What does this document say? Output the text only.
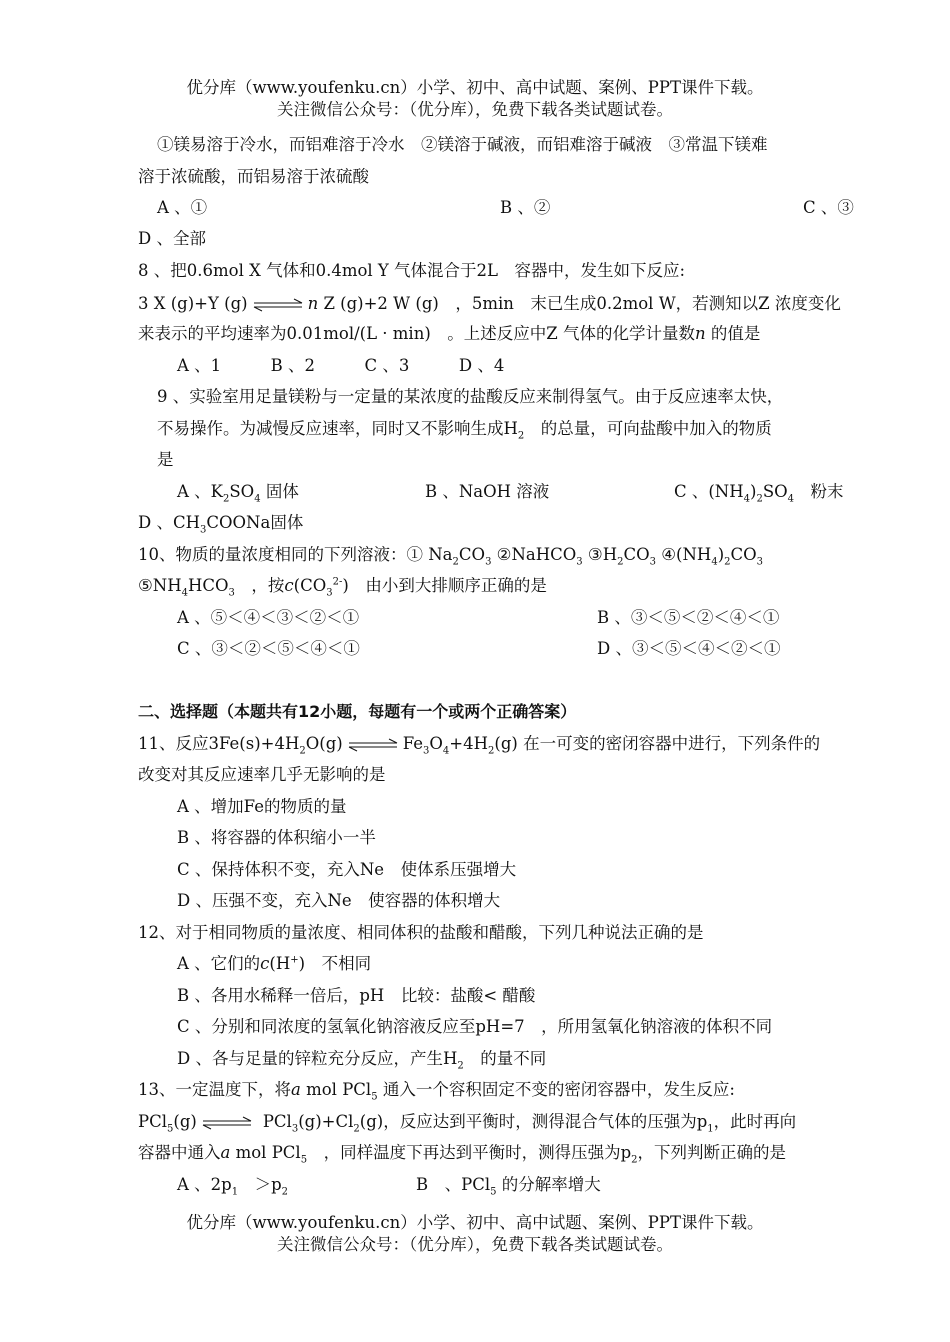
优分库（www.youfenku.cn）小学、初中、高中试题、案例、PPT课件下载。
关注微信公众号：（优分库），免费下载各类试题试卷。
①镁易溶于冷水，而铝难溶于冷水　②镁溶于碱液，而铝难溶于碱液　③常温下镁难
溶于浓硫酸，而铝易溶于浓硫酸
A 、①	B 、②	C 、③
D 、全部
8 、把0.6mol X 气体和0.4mol Y 气体混合于2L　容器中，发生如下反应:
3 X (g)+Y (g) ⇌ n Z (g)+2 W (g)　，5min　末已生成0.2mol W，若测知以Z 浓度变化
来表示的平均速率为0.01mol/(L · min)　。上述反应中Z 气体的化学计量数n 的值是
A 、1　　　B 、2　　　C 、3　　　D 、4
9 、实验室用足量镁粉与一定量的某浓度的盐酸反应来制得氢气。由于反应速率太快，
不易操作。为减慢反应速率，同时又不影响生成$H_2$　的总量，可向盐酸中加入的物质
是
A 、$K_2SO_4$ 固体	B 、NaOH 溶液	C 、$(NH_4)_2SO_4$　粉末
D 、$CH_3COONa$固体
10、物质的量浓度相同的下列溶液：① $Na_2CO_3$ ②NaHCO$_3$ $③H_2CO_3$ $④(NH_4)_2CO_3$
$⑤NH_4HCO_3$　，按$c(CO_3^{2-})$　由小到大排顺序正确的是
A 、⑤＜④＜③＜②＜①	B 、③＜⑤＜②＜④＜①
C 、③＜②＜⑤＜④＜①	D 、③＜⑤＜④＜②＜①
二、选择题（本题共有12小题，每题有一个或两个正确答案）
11、反应$3Fe(s)+4H_2O(g)$ ⇌ $Fe_3O_4+4H_2(g)$ 在一可变的密闭容器中进行，下列条件的
改变对其反应速率几乎无影响的是
A 、增加Fe的物质的量
B 、将容器的体积缩小一半
C 、保持体积不变，充入Ne　使体系压强增大
D 、压强不变，充入Ne　使容器的体积增大
12、对于相同物质的量浓度、相同体积的盐酸和醋酸，下列几种说法正确的是
A 、它们的c(H+)　不相同
B 、各用水稀释一倍后，pH　比较：盐酸< 醋酸
C 、分别和同浓度的氢氧化钠溶液反应至pH=7　，所用氢氧化钠溶液的体积不同
D 、各与足量的锌粒充分反应，产生$H_2$　的量不同
13、一定温度下，将a mol PCl$_5$ 通入一个容积固定不变的密闭容器中，发生反应:
PCl$_5$(g) ⇌ $PCl_3(g)+Cl_2(g)$，反应达到平衡时，测得混合气体的压强为$p_1$，此时再向
容器中通入a mol PCl$_5$　，同样温度下再达到平衡时，测得压强为$p_2$，下列判断正确的是
A 、$2p_1$　$>p_2$	B　、PCl$_5$ 的分解率增大
优分库（www.youfenku.cn）小学、初中、高中试题、案例、PPT课件下载。
关注微信公众号：（优分库），免费下载各类试题试卷。
